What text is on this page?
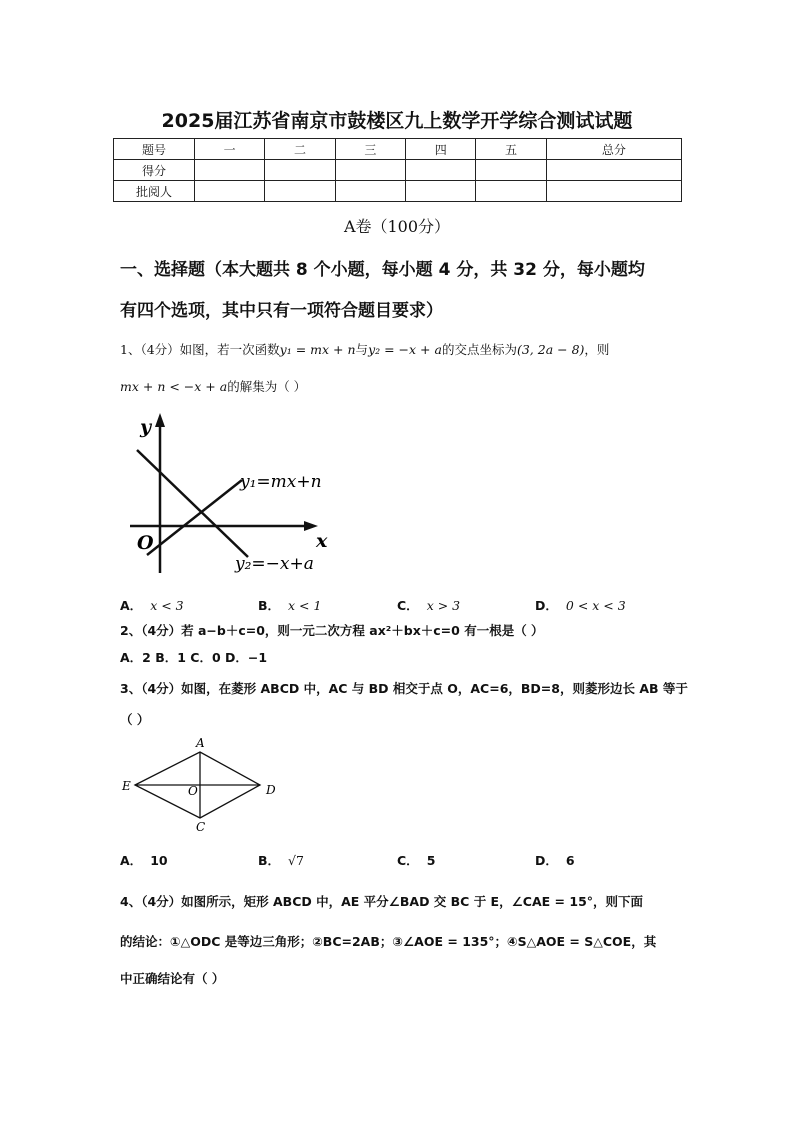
2025届江苏省南京市鼓楼区九上数学开学综合测试试题
题号	一	二	三	四	五	总分
得分						
批阅人						
A卷（100分）
一、选择题（本大题共 8 个小题，每小题 4 分，共 32 分，每小题均
有四个选项，其中只有一项符合题目要求）
1、（4分）如图，若一次函数y₁ = mx + n与y₂ = −x + a的交点坐标为(3, 2a − 8)，则
mx + n < −x + a的解集为（ ）
y
x
O
y₁=mx+n
y₂=−x+a
A． x < 3	B． x < 1	C． x > 3	D． 0 < x < 3
2、（4分）若 a−b＋c=0，则一元二次方程 ax²＋bx＋c=0 有一根是（ ）
A．2 B．1 C．0 D．−1
3、（4分）如图，在菱形 ABCD 中，AC 与 BD 相交于点 O，AC=6，BD=8，则菱形边长 AB 等于
（ ）
A
E
C
D
O
A． 10	B． √7	C． 5	D． 6
4、（4分）如图所示，矩形 ABCD 中，AE 平分∠BAD 交 BC 于 E，∠CAE = 15°，则下面
的结论：①△ODC 是等边三角形；②BC=2AB；③∠AOE = 135°；④S△AOE = S△COE，其
中正确结论有（ ）
